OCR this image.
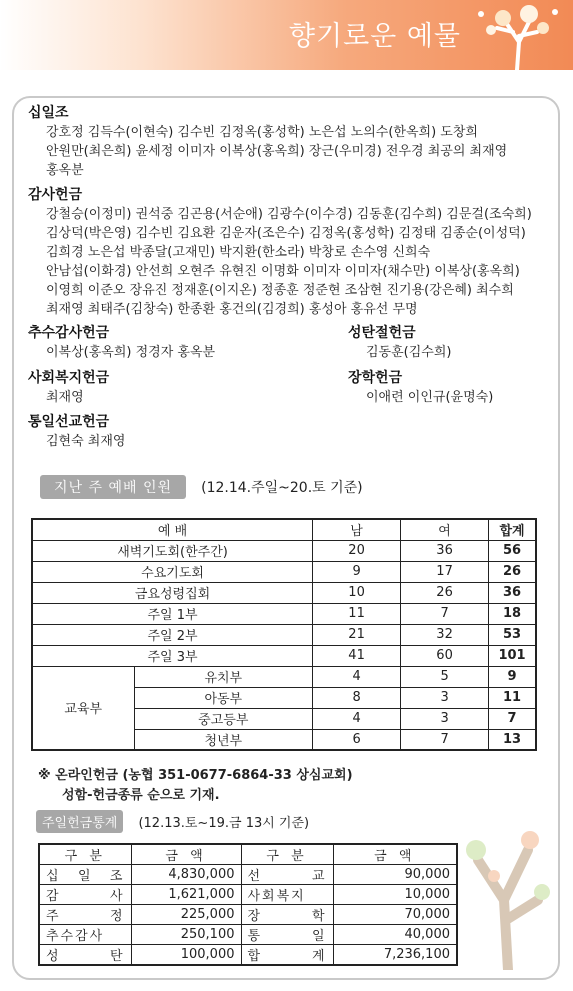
향기로운 예물
십일조
강호정 김득수(이현숙) 김수빈 김정옥(홍성학) 노은섭 노의수(한옥희) 도창희
안원만(최은희) 윤세정 이미자 이복상(홍옥희) 장근(우미경) 전우경 최공의 최재영
홍옥분
감사헌금
강철승(이정미) 권석중 김곤용(서순애) 김광수(이수경) 김동훈(김수희) 김문걸(조숙희)
김상덕(박은영) 김수빈 김요환 김운자(조은수) 김정옥(홍성학) 김정태 김종순(이성덕)
김희경 노은섭 박종달(고재민) 박지환(한소라) 박창로 손수영 신희숙
안남섭(이화경) 안선희 오현주 유현진 이명화 이미자 이미자(채수만) 이복상(홍옥희)
이영희 이준오 장유진 정재훈(이지온) 정종훈 정준현 조삼현 진기용(강은혜) 최수희
최재영 최태주(김창숙) 한종환 홍건의(김경희) 홍성아 홍유선 무명
추수감사헌금
이복상(홍옥희) 정경자 홍옥분
성탄절헌금
김동훈(김수희)
사회복지헌금
최재영
장학헌금
이애련 이인규(윤명숙)
통일선교헌금
김현숙 최재영
지난 주 예배 인원 (12.14.주일~20.토 기준)
예 배		남	여	합계
새벽기도회(한주간)		20	36	56
수요기도회		9	17	26
금요성령집회		10	26	36
주일 1부		11	7	18
주일 2부		21	32	53
주일 3부		41	60	101
교육부	유치부	4	5	9
	아동부	8	3	11
	중고등부	4	3	7
	청년부	6	7	13
※ 온라인헌금 (농협 351-0677-6864-33 상심교회)
성함-헌금종류 순으로 기재.
주일헌금통계 (12.13.토~19.금 13시 기준)
구 분	금 액	구 분	금 액
십 일 조	4,830,000	선 교	90,000
감 사	1,621,000	사회복지	10,000
주 정	225,000	장 학	70,000
추수감사	250,100	통 일	40,000
성 탄	100,000	합 계	7,236,100
